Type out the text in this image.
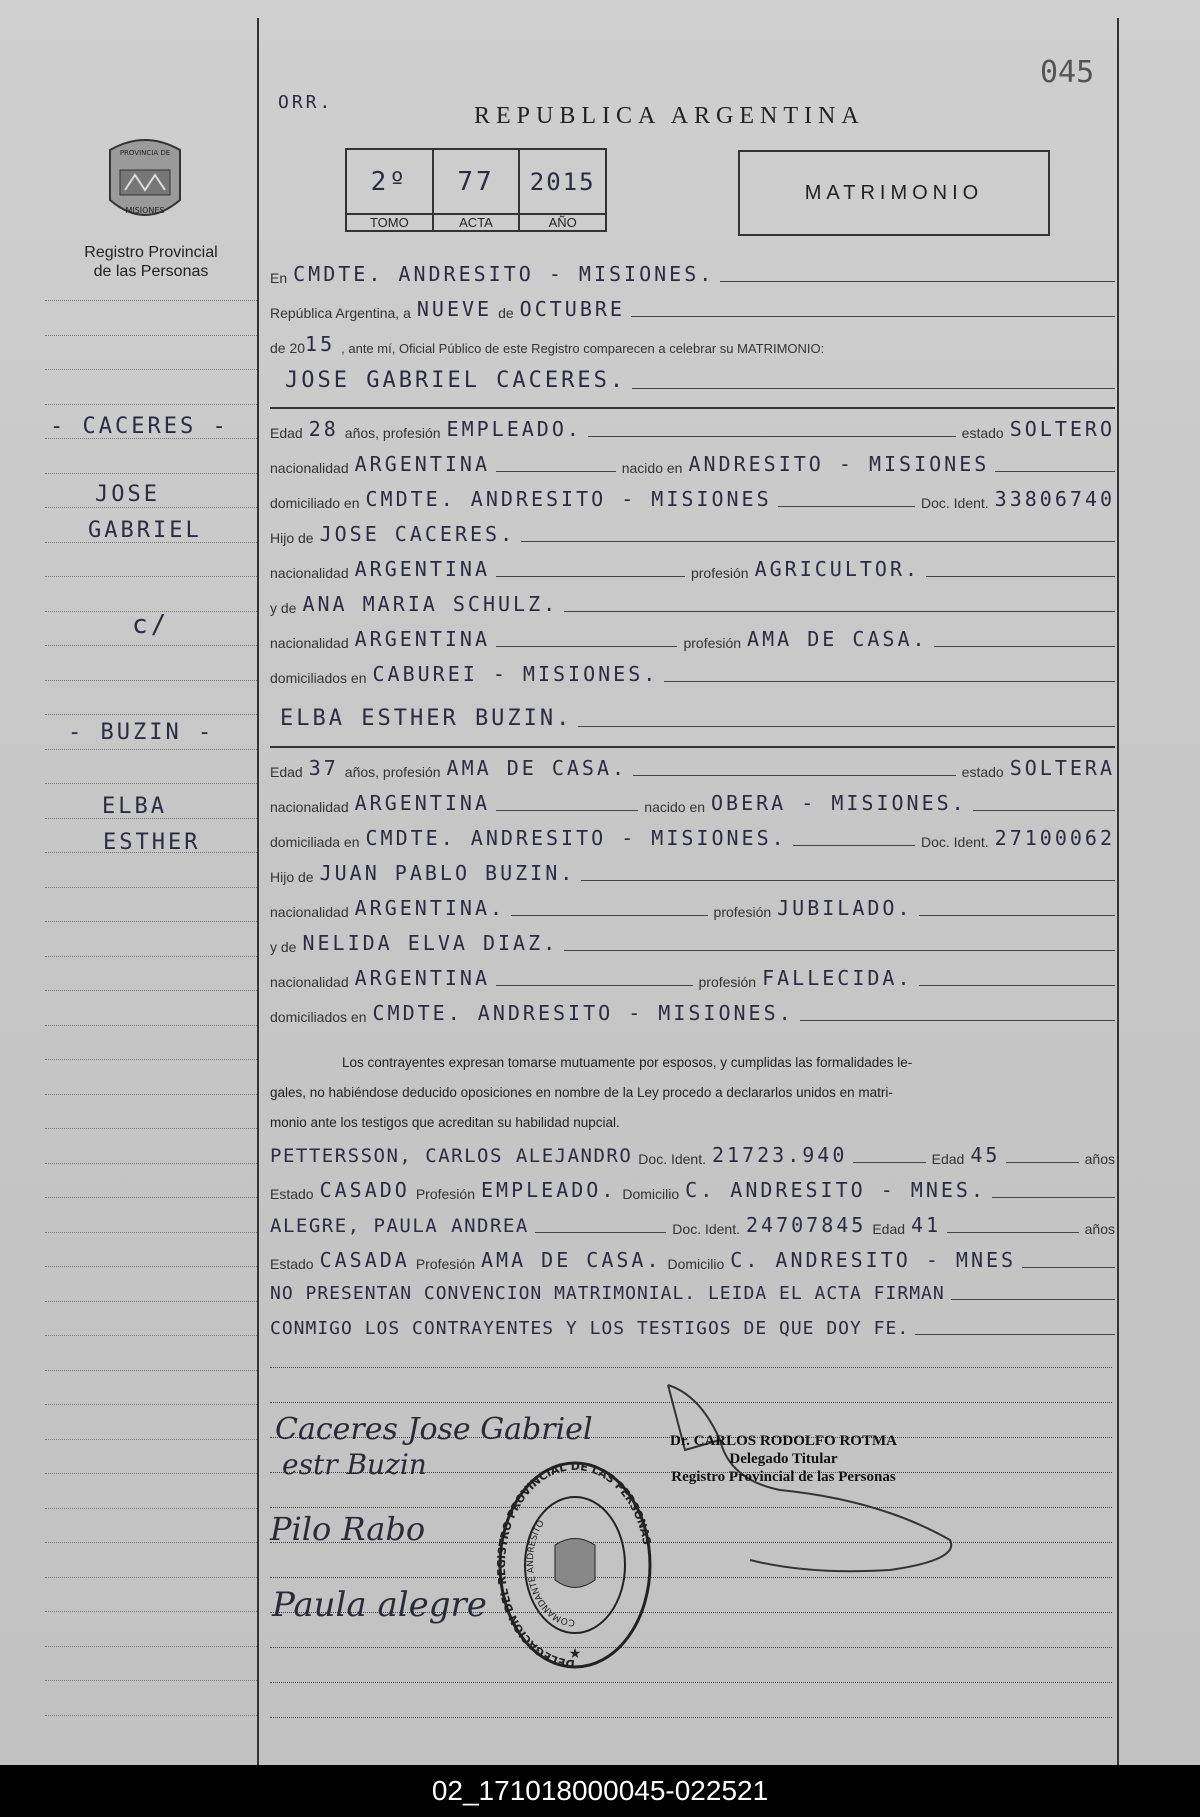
PROVINCIA DE
MISIONES
Registro Provincial
de las Personas
- CACERES -
JOSE
GABRIEL
c/
- BUZIN -
ELBA
ESTHER
ORR.
045
REPUBLICA ARGENTINA
2º
TOMO
77
ACTA
2015
AÑO
MATRIMONIO
En CMDTE. ANDRESITO - MISIONES.
República Argentina, a NUEVE de OCTUBRE
de 20 15 , ante mí, Oficial Público de este Registro comparecen a celebrar su MATRIMONIO:
JOSE GABRIEL CACERES.
Edad 28 años, profesión EMPLEADO.	estado SOLTERO
nacionalidad ARGENTINA	nacido en ANDRESITO - MISIONES
domiciliado en CMDTE. ANDRESITO - MISIONES	Doc. Ident. 33806740
Hijo de JOSE CACERES.
nacionalidad ARGENTINA	profesión AGRICULTOR.
y de ANA MARIA SCHULZ.
nacionalidad ARGENTINA	profesión AMA DE CASA.
domiciliados en CABUREI - MISIONES.
ELBA ESTHER BUZIN.
Edad 37 años, profesión AMA DE CASA.	estado SOLTERA
nacionalidad ARGENTINA	nacido en OBERA - MISIONES.
domiciliada en CMDTE. ANDRESITO - MISIONES.	Doc. Ident. 27100062
Hijo de JUAN PABLO BUZIN.
nacionalidad ARGENTINA.	profesión JUBILADO.
y de NELIDA ELVA DIAZ.
nacionalidad ARGENTINA	profesión FALLECIDA.
domiciliados en CMDTE. ANDRESITO - MISIONES.
Los contrayentes expresan tomarse mutuamente por esposos, y cumplidas las formalidades le-
gales, no habiéndose deducido oposiciones en nombre de la Ley procedo a declararlos unidos en matri-
monio ante los testigos que acreditan su habilidad nupcial.
PETTERSSON, CARLOS ALEJANDRO Doc. Ident. 21723.940	Edad 45	años
Estado CASADO Profesión EMPLEADO. Domicilio C. ANDRESITO - MNES.
ALEGRE, PAULA ANDREA	Doc. Ident. 24707845 Edad 41	años
Estado CASADA Profesión AMA DE CASA. Domicilio C. ANDRESITO - MNES
NO PRESENTAN CONVENCION MATRIMONIAL. LEIDA EL ACTA FIRMAN
CONMIGO LOS CONTRAYENTES Y LOS TESTIGOS DE QUE DOY FE.
Caceres Jose Gabriel
estr Buzin
Pilo Rabo
Paula alegre
Dr. CARLOS RODOLFO ROTMA
Delegado Titular
Registro Provincial de las Personas
DELEGACION DEL REGISTRO PROVINCIAL DE LAS PERSONAS
COMANDANTE ANDRESITO
★
02_171018000045-022521
